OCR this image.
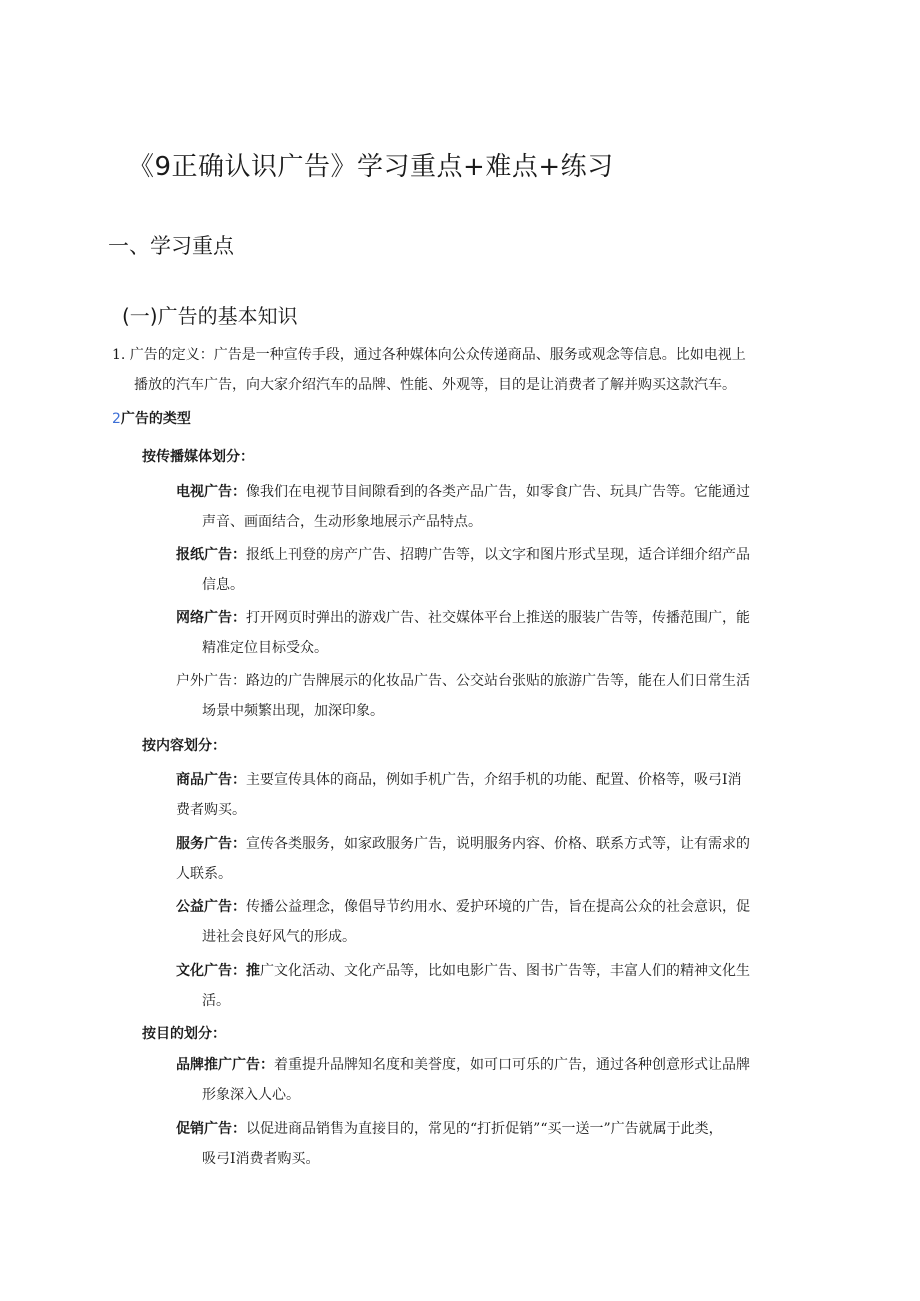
《9正确认识广告》学习重点+难点+练习
一、学习重点
(一)广告的基本知识

1. 广告的定义：广告是一种宣传手段，通过各种媒体向公众传递商品、服务或观念等信息。比如电视上
播放的汽车广告，向大家介绍汽车的品牌、性能、外观等，目的是让消费者了解并购买这款汽车。

2广告的类型
按传播媒体划分：

电视广告：像我们在电视节目间隙看到的各类产品广告，如零食广告、玩具广告等。它能通过
声音、画面结合，生动形象地展示产品特点。

报纸广告：报纸上刊登的房产广告、招聘广告等，以文字和图片形式呈现，适合详细介绍产品
信息。

网络广告：打开网页时弹出的游戏广告、社交媒体平台上推送的服装广告等，传播范围广，能
精准定位目标受众。

户外广告：路边的广告牌展示的化妆品广告、公交站台张贴的旅游广告等，能在人们日常生活
场景中频繁出现，加深印象。

按内容划分：

商品广告：主要宣传具体的商品，例如手机广告，介绍手机的功能、配置、价格等，吸弓I消
费者购买。

服务广告：宣传各类服务，如家政服务广告，说明服务内容、价格、联系方式等，让有需求的
人联系。

公益广告：传播公益理念，像倡导节约用水、爱护环境的广告，旨在提高公众的社会意识，促
进社会良好风气的形成。

文化广告：推广文化活动、文化产品等，比如电影广告、图书广告等，丰富人们的精神文化生
活。

按目的划分：

品牌推广广告：着重提升品牌知名度和美誉度，如可口可乐的广告，通过各种创意形式让品牌
形象深入人心。

促销广告：以促进商品销售为直接目的，常见的“打折促销”“买一送一”广告就属于此类，
吸弓I消费者购买。
